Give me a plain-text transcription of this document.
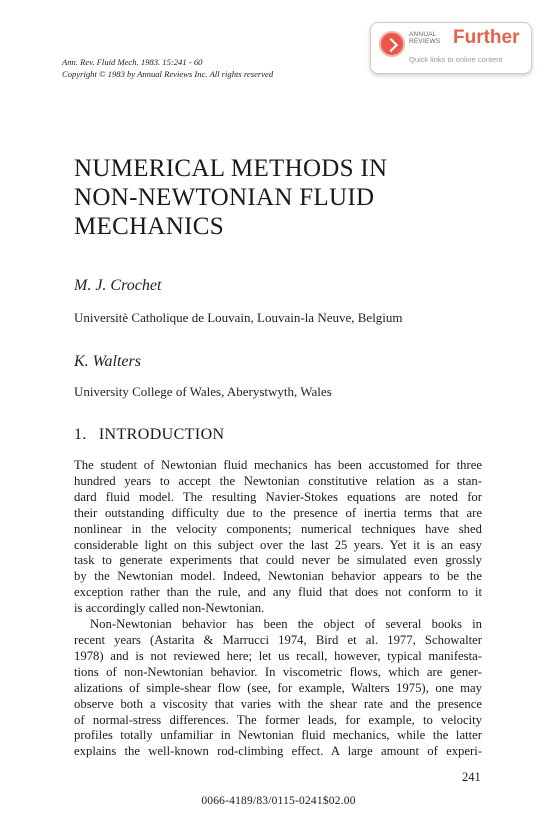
Ann. Rev. Fluid Mech. 1983. 15:241 - 60
Copyright © 1983 by Annual Reviews Inc. All rights reserved
ANNUAL REVIEWS Further
Quick links to online content
NUMERICAL METHODS IN
NON-NEWTONIAN FLUID
MECHANICS
M. J. Crochet
Universitè Catholique de Louvain, Louvain-la Neuve, Belgium
K. Walters
University College of Wales, Aberystwyth, Wales
1. INTRODUCTION

The student of Newtonian fluid mechanics has been accustomed for three
hundred years to accept the Newtonian constitutive relation as a stan-
dard fluid model. The resulting Navier-Stokes equations are noted for
their outstanding difficulty due to the presence of inertia terms that are
nonlinear in the velocity components; numerical techniques have shed
considerable light on this subject over the last 25 years. Yet it is an easy
task to generate experiments that could never be simulated even grossly
by the Newtonian model. Indeed, Newtonian behavior appears to be the
exception rather than the rule, and any fluid that does not conform to it
is accordingly called non-Newtonian.

Non-Newtonian behavior has been the object of several books in
recent years (Astarita & Marrucci 1974, Bird et al. 1977, Schowalter
1978) and is not reviewed here; let us recall, however, typical manifesta-
tions of non-Newtonian behavior. In viscometric flows, which are gener-
alizations of simple-shear flow (see, for example, Walters 1975), one may
observe both a viscosity that varies with the shear rate and the presence
of normal-stress differences. The former leads, for example, to velocity
profiles totally unfamiliar in Newtonian fluid mechanics, while the latter
explains the well-known rod-climbing effect. A large amount of experi-

241
0066-4189/83/0115-0241$02.00
